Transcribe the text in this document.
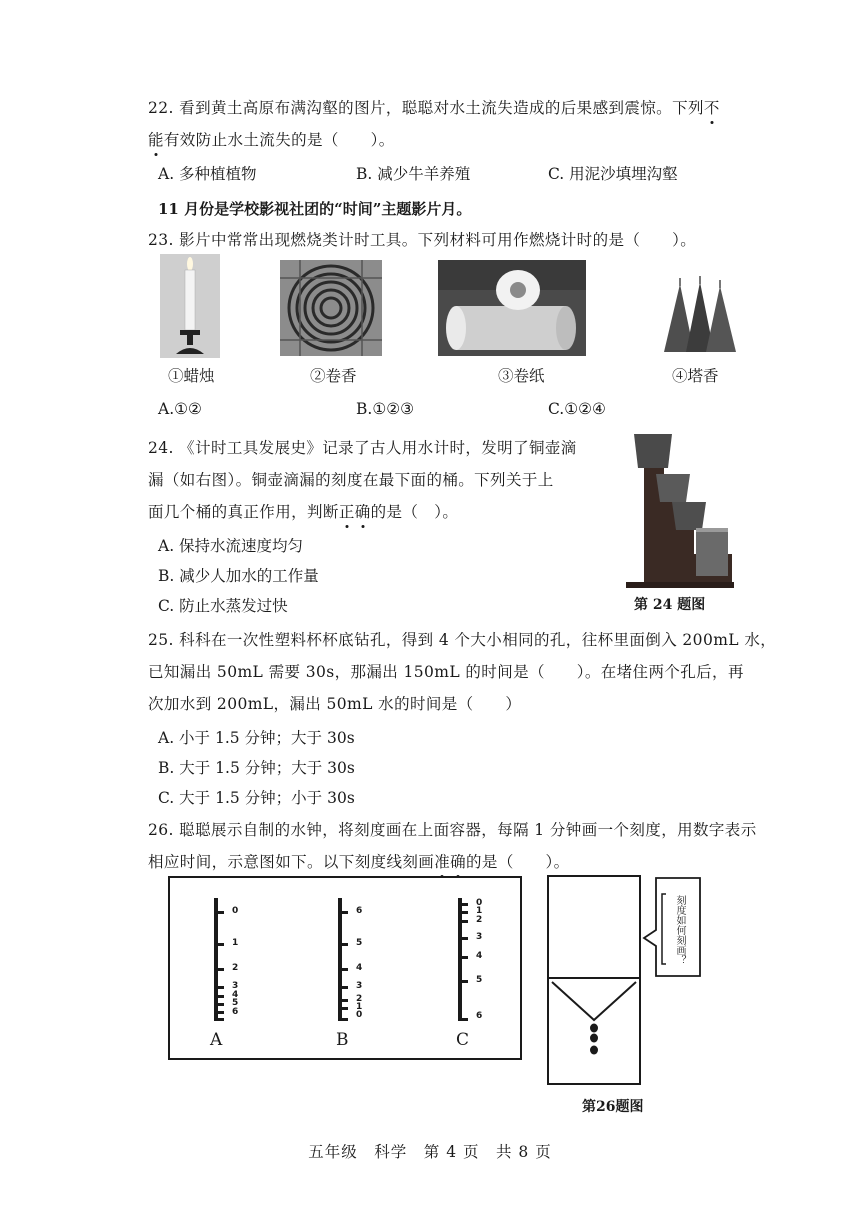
22. 看到黄土高原布满沟壑的图片，聪聪对水土流失造成的后果感到震惊。下列不
能有效防止水土流失的是（　　）。
A. 多种植植物	B. 减少牛羊养殖	C. 用泥沙填埋沟壑
11 月份是学校影视社团的“时间”主题影片月。
23. 影片中常常出现燃烧类计时工具。下列材料可用作燃烧计时的是（　　）。
①蜡烛	②卷香	③卷纸	④塔香
A.①②	B.①②③	C.①②④
24. 《计时工具发展史》记录了古人用水计时，发明了铜壶滴
漏（如右图）。铜壶滴漏的刻度在最下面的桶。下列关于上
面几个桶的真正作用，判断正确的是（　）。
A. 保持水流速度均匀
B. 减少人加水的工作量
C. 防止水蒸发过快	第 24 题图
25. 科科在一次性塑料杯杯底钻孔，得到 4 个大小相同的孔，往杯里面倒入 200mL 水，
已知漏出 50mL 需要 30s，那漏出 150mL 的时间是（　　）。在堵住两个孔后，再
次加水到 200mL，漏出 50mL 水的时间是（　　）
A. 小于 1.5 分钟；大于 30s
B. 大于 1.5 分钟；大于 30s
C. 大于 1.5 分钟；小于 30s
26. 聪聪展示自制的水钟，将刻度画在上面容器，每隔 1 分钟画一个刻度，用数字表示
相应时间，示意图如下。以下刻度线刻画准确的是（　　）。
0
1
2
3
4
5
6
A
6
5
4
3
2
1
0
B
0
1
2
3
4
5
6
C
刻度如何刻画？
第26题图
五年级　科学　第 4 页　共 8 页
